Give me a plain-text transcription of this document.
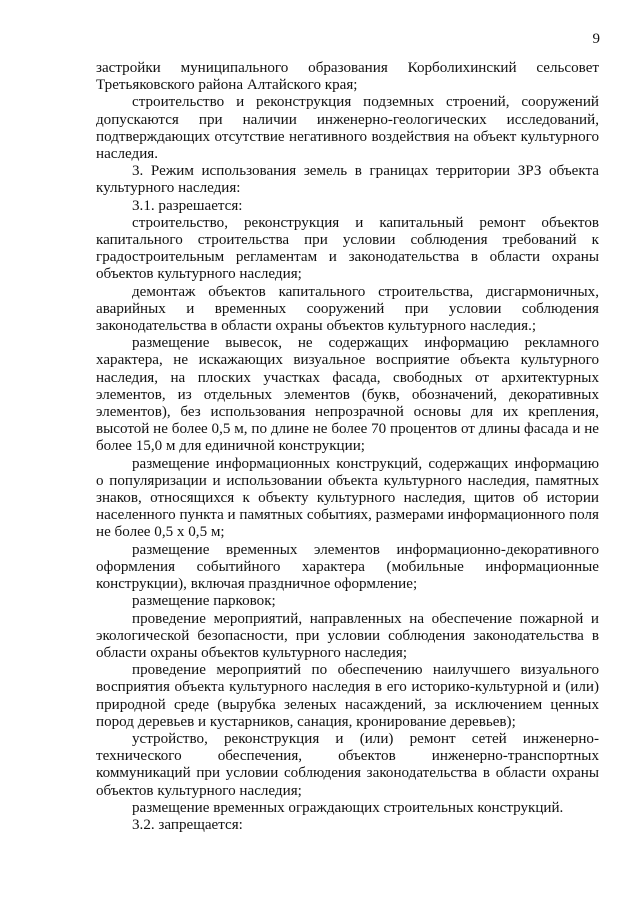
9

застройки муниципального образования Корболихинский сельсовет Третьяковского района Алтайского края;

строительство и реконструкция подземных строений, сооружений допускаются при наличии инженерно-геологических исследований, подтверждающих отсутствие негативного воздействия на объект культурного наследия.

3. Режим использования земель в границах территории ЗРЗ объекта культурного наследия:

3.1. разрешается:

строительство, реконструкция и капитальный ремонт объектов капитального строительства при условии соблюдения требований к градостроительным регламентам и законодательства в области охраны объектов культурного наследия;

демонтаж объектов капитального строительства, дисгармоничных, аварийных и временных сооружений при условии соблюдения законодательства в области охраны объектов культурного наследия.;

размещение вывесок, не содержащих информацию рекламного характера, не искажающих визуальное восприятие объекта культурного наследия, на плоских участках фасада, свободных от архитектурных элементов, из отдельных элементов (букв, обозначений, декоративных элементов), без использования непрозрачной основы для их крепления, высотой не более 0,5 м, по длине не более 70 процентов от длины фасада и не более 15,0 м для единичной конструкции;

размещение информационных конструкций, содержащих информацию о популяризации и использовании объекта культурного наследия, памятных знаков, относящихся к объекту культурного наследия, щитов об истории населенного пункта и памятных событиях, размерами информационного поля не более 0,5 х 0,5 м;

размещение временных элементов информационно-декоративного оформления событийного характера (мобильные информационные конструкции), включая праздничное оформление;

размещение парковок;

проведение мероприятий, направленных на обеспечение пожарной и экологической безопасности, при условии соблюдения законодательства в области охраны объектов культурного наследия;

проведение мероприятий по обеспечению наилучшего визуального восприятия объекта культурного наследия в его историко-культурной и (или) природной среде (вырубка зеленых насаждений, за исключением ценных пород деревьев и кустарников, санация, кронирование деревьев);

устройство, реконструкция и (или) ремонт сетей инженерно-технического обеспечения, объектов инженерно-транспортных коммуникаций при условии соблюдения законодательства в области охраны объектов культурного наследия;

размещение временных ограждающих строительных конструкций.

3.2. запрещается:
